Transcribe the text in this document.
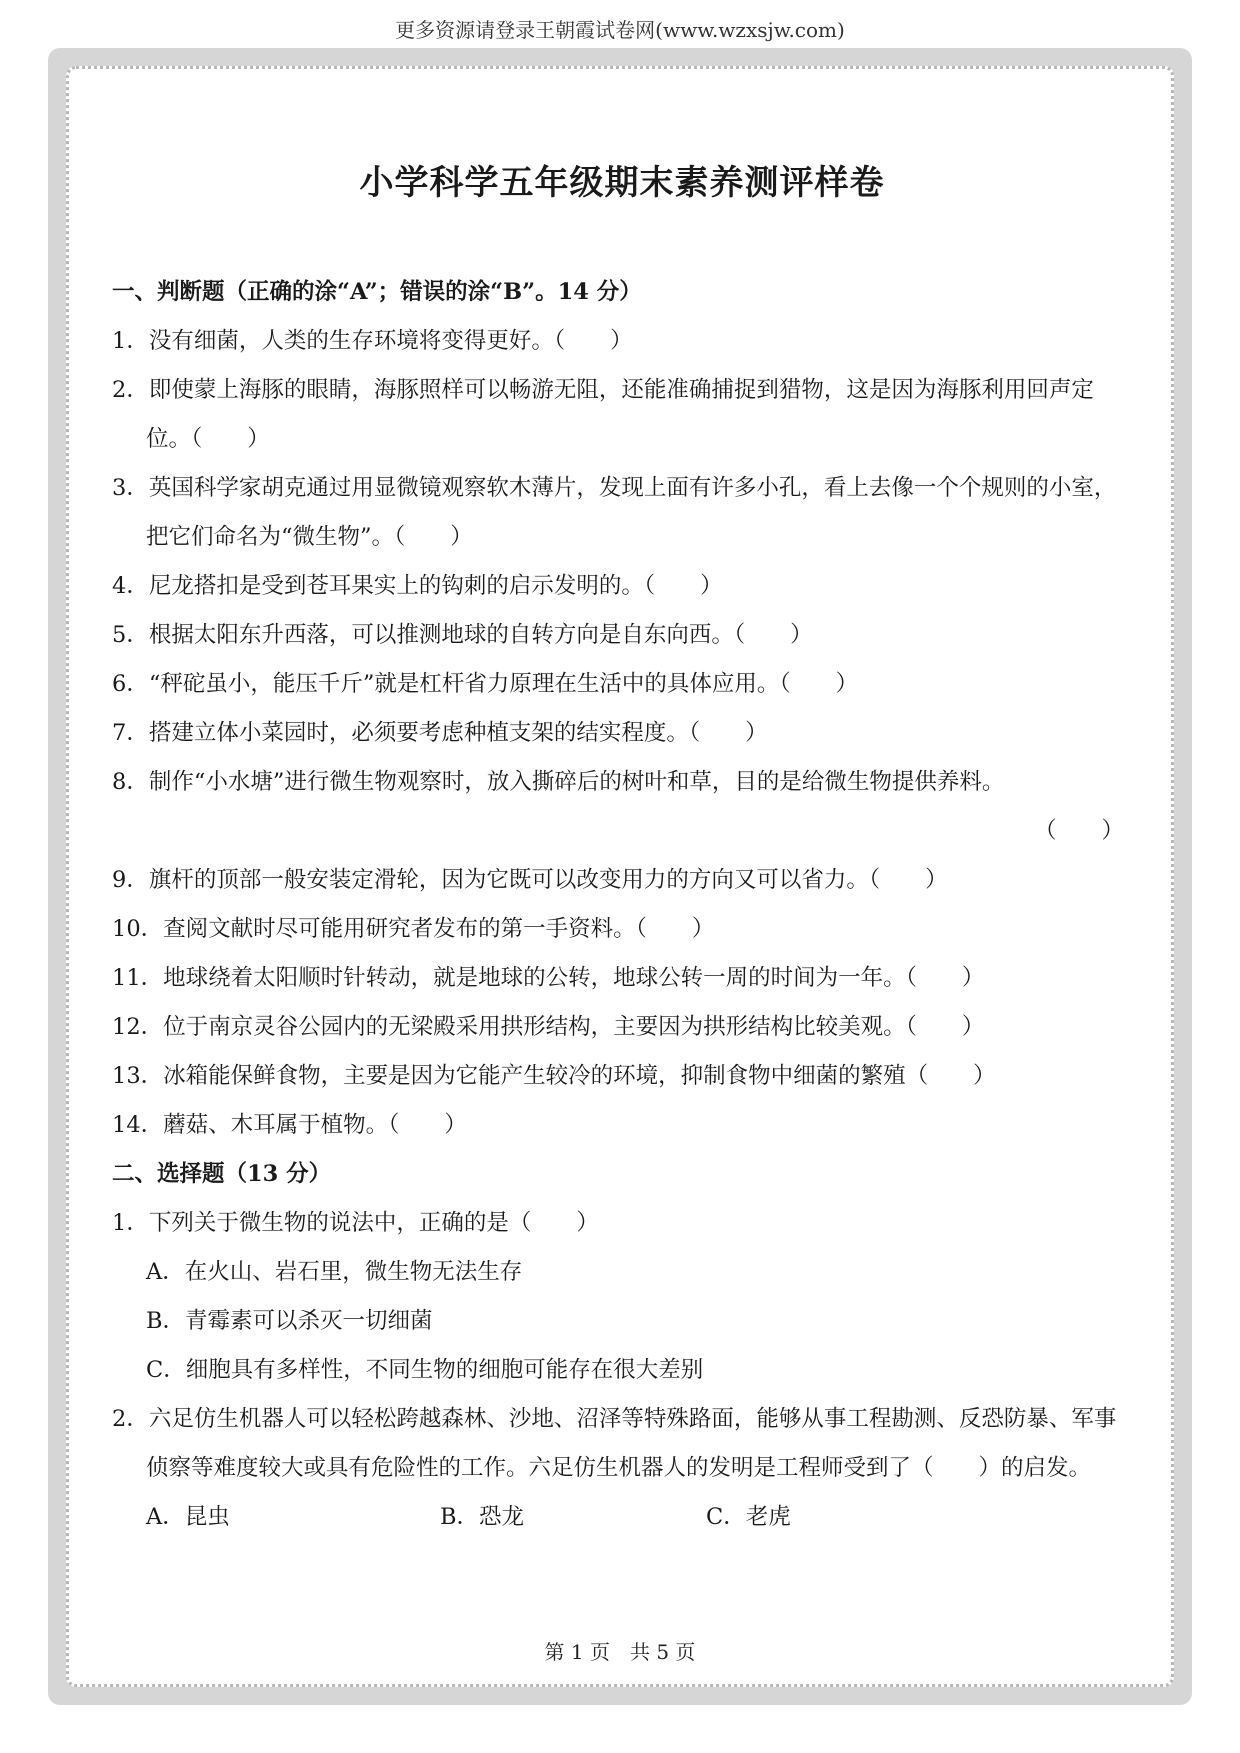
更多资源请登录王朝霞试卷网(www.wzxsjw.com)
小学科学五年级期末素养测评样卷
一、判断题（正确的涂“A”；错误的涂“B”。14 分）
1．没有细菌，人类的生存环境将变得更好。（　　）
2．即使蒙上海豚的眼睛，海豚照样可以畅游无阻，还能准确捕捉到猎物，这是因为海豚利用回声定位。（　　）
3．英国科学家胡克通过用显微镜观察软木薄片，发现上面有许多小孔，看上去像一个个规则的小室，把它们命名为“微生物”。（　　）
4．尼龙搭扣是受到苍耳果实上的钩刺的启示发明的。（　　）
5．根据太阳东升西落，可以推测地球的自转方向是自东向西。（　　）
6．“秤砣虽小，能压千斤”就是杠杆省力原理在生活中的具体应用。（　　）
7．搭建立体小菜园时，必须要考虑种植支架的结实程度。（　　）
8．制作“小水塘”进行微生物观察时，放入撕碎后的树叶和草，目的是给微生物提供养料。
（　　）
9．旗杆的顶部一般安装定滑轮，因为它既可以改变用力的方向又可以省力。（　　）
10．查阅文献时尽可能用研究者发布的第一手资料。（　　）
11．地球绕着太阳顺时针转动，就是地球的公转，地球公转一周的时间为一年。（　　）
12．位于南京灵谷公园内的无梁殿采用拱形结构，主要因为拱形结构比较美观。（　　）
13．冰箱能保鲜食物，主要是因为它能产生较冷的环境，抑制食物中细菌的繁殖（　　）
14．蘑菇、木耳属于植物。（　　）
二、选择题（13 分）
1．下列关于微生物的说法中，正确的是（　　）
A．在火山、岩石里，微生物无法生存
B．青霉素可以杀灭一切细菌
C．细胞具有多样性，不同生物的细胞可能存在很大差别
2．六足仿生机器人可以轻松跨越森林、沙地、沼泽等特殊路面，能够从事工程勘测、反恐防暴、军事侦察等难度较大或具有危险性的工作。六足仿生机器人的发明是工程师受到了（　　）的启发。
A．昆虫	B．恐龙	C．老虎
第 1 页　共 5 页
